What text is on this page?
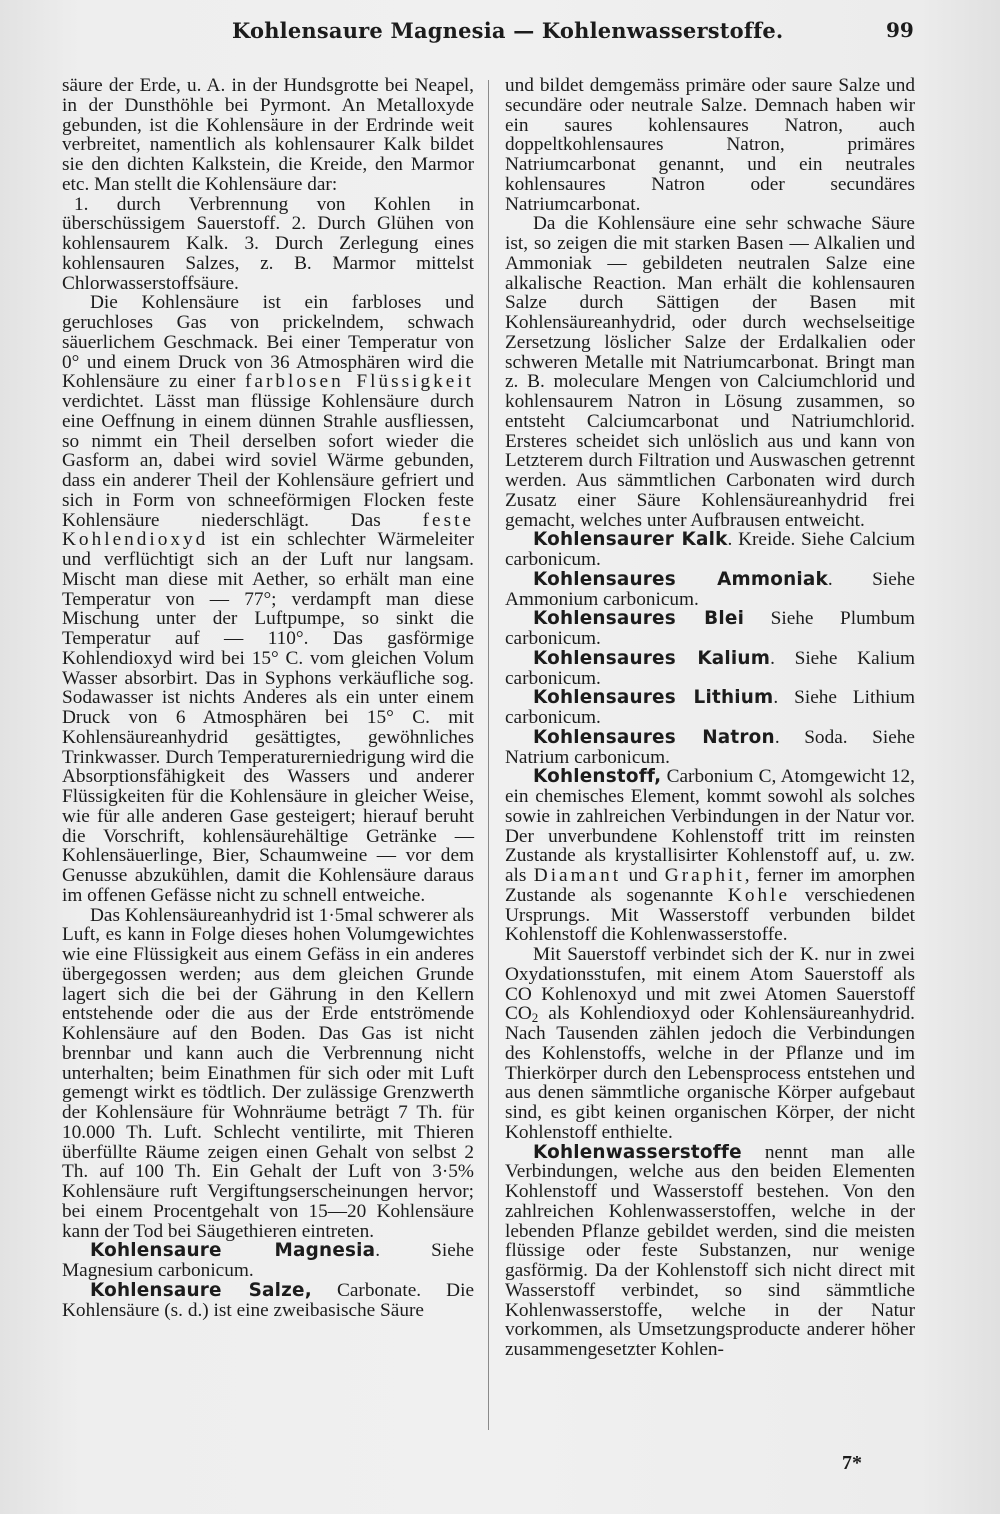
Kohlensaure Magnesia — Kohlenwasserstoffe.	99

säure der Erde, u. A. in der Hundsgrotte bei Neapel, in der Dunsthöhle bei Pyrmont. An Metalloxyde gebunden, ist die Kohlensäure in der Erdrinde weit verbreitet, namentlich als kohlensaurer Kalk bildet sie den dichten Kalkstein, die Kreide, den Marmor etc. Man stellt die Kohlensäure dar:

1. durch Verbrennung von Kohlen in überschüssigem Sauerstoff. 2. Durch Glühen von kohlensaurem Kalk. 3. Durch Zerlegung eines kohlensauren Salzes, z. B. Marmor mittelst Chlorwasserstoffsäure.

Die Kohlensäure ist ein farbloses und geruchloses Gas von prickelndem, schwach säuerlichem Geschmack. Bei einer Temperatur von 0° und einem Druck von 36 Atmosphären wird die Kohlensäure zu einer farblosen Flüssigkeit verdichtet. Lässt man flüssige Kohlensäure durch eine Oeffnung in einem dünnen Strahle ausfliessen, so nimmt ein Theil derselben sofort wieder die Gasform an, dabei wird soviel Wärme gebunden, dass ein anderer Theil der Kohlensäure gefriert und sich in Form von schneeförmigen Flocken feste Kohlensäure niederschlägt. Das feste Kohlendioxyd ist ein schlechter Wärmeleiter und verflüchtigt sich an der Luft nur langsam. Mischt man diese mit Aether, so erhält man eine Temperatur von — 77°; verdampft man diese Mischung unter der Luftpumpe, so sinkt die Temperatur auf — 110°. Das gasförmige Kohlendioxyd wird bei 15° C. vom gleichen Volum Wasser absorbirt. Das in Syphons verkäufliche sog. Sodawasser ist nichts Anderes als ein unter einem Druck von 6 Atmosphären bei 15° C. mit Kohlensäureanhydrid gesättigtes, gewöhnliches Trinkwasser. Durch Temperaturerniedrigung wird die Absorptionsfähigkeit des Wassers und anderer Flüssigkeiten für die Kohlensäure in gleicher Weise, wie für alle anderen Gase gesteigert; hierauf beruht die Vorschrift, kohlensäurehältige Getränke — Kohlensäuerlinge, Bier, Schaumweine — vor dem Genusse abzukühlen, damit die Kohlensäure daraus im offenen Gefässe nicht zu schnell entweiche.

Das Kohlensäureanhydrid ist 1·5mal schwerer als Luft, es kann in Folge dieses hohen Volumgewichtes wie eine Flüssigkeit aus einem Gefäss in ein anderes übergegossen werden; aus dem gleichen Grunde lagert sich die bei der Gährung in den Kellern entstehende oder die aus der Erde entströmende Kohlensäure auf den Boden. Das Gas ist nicht brennbar und kann auch die Verbrennung nicht unterhalten; beim Einathmen für sich oder mit Luft gemengt wirkt es tödtlich. Der zulässige Grenzwerth der Kohlensäure für Wohnräume beträgt 7 Th. für 10.000 Th. Luft. Schlecht ventilirte, mit Thieren überfüllte Räume zeigen einen Gehalt von selbst 2 Th. auf 100 Th. Ein Gehalt der Luft von 3·5% Kohlensäure ruft Vergiftungserscheinungen hervor; bei einem Procentgehalt von 15—20 Kohlensäure kann der Tod bei Säugethieren eintreten.

Kohlensaure Magnesia. Siehe Magnesium carbonicum.

Kohlensaure Salze, Carbonate. Die Kohlensäure (s. d.) ist eine zweibasische Säure

und bildet demgemäss primäre oder saure Salze und secundäre oder neutrale Salze. Demnach haben wir ein saures kohlensaures Natron, auch doppeltkohlensaures Natron, primäres Natriumcarbonat genannt, und ein neutrales kohlensaures Natron oder secundäres Natriumcarbonat.

Da die Kohlensäure eine sehr schwache Säure ist, so zeigen die mit starken Basen — Alkalien und Ammoniak — gebildeten neutralen Salze eine alkalische Reaction. Man erhält die kohlensauren Salze durch Sättigen der Basen mit Kohlensäureanhydrid, oder durch wechselseitige Zersetzung löslicher Salze der Erdalkalien oder schweren Metalle mit Natriumcarbonat. Bringt man z. B. moleculare Mengen von Calciumchlorid und kohlensaurem Natron in Lösung zusammen, so entsteht Calciumcarbonat und Natriumchlorid. Ersteres scheidet sich unlöslich aus und kann von Letzterem durch Filtration und Auswaschen getrennt werden. Aus sämmtlichen Carbonaten wird durch Zusatz einer Säure Kohlensäureanhydrid frei gemacht, welches unter Aufbrausen entweicht.

Kohlensaurer Kalk. Kreide. Siehe Calcium carbonicum.

Kohlensaures Ammoniak. Siehe Ammonium carbonicum.

Kohlensaures Blei Siehe Plumbum carbonicum.

Kohlensaures Kalium. Siehe Kalium carbonicum.

Kohlensaures Lithium. Siehe Lithium carbonicum.

Kohlensaures Natron. Soda. Siehe Natrium carbonicum.

Kohlenstoff, Carbonium C, Atomgewicht 12, ein chemisches Element, kommt sowohl als solches sowie in zahlreichen Verbindungen in der Natur vor. Der unverbundene Kohlenstoff tritt im reinsten Zustande als krystallisirter Kohlenstoff auf, u. zw. als Diamant und Graphit, ferner im amorphen Zustande als sogenannte Kohle verschiedenen Ursprungs. Mit Wasserstoff verbunden bildet Kohlenstoff die Kohlenwasserstoffe.

Mit Sauerstoff verbindet sich der K. nur in zwei Oxydationsstufen, mit einem Atom Sauerstoff als CO Kohlenoxyd und mit zwei Atomen Sauerstoff $CO_2$ als Kohlendioxyd oder Kohlensäureanhydrid. Nach Tausenden zählen jedoch die Verbindungen des Kohlenstoffs, welche in der Pflanze und im Thierkörper durch den Lebensprocess entstehen und aus denen sämmtliche organische Körper aufgebaut sind, es gibt keinen organischen Körper, der nicht Kohlenstoff enthielte.

Kohlenwasserstoffe nennt man alle Verbindungen, welche aus den beiden Elementen Kohlenstoff und Wasserstoff bestehen. Von den zahlreichen Kohlenwasserstoffen, welche in der lebenden Pflanze gebildet werden, sind die meisten flüssige oder feste Substanzen, nur wenige gasförmig. Da der Kohlenstoff sich nicht direct mit Wasserstoff verbindet, so sind sämmtliche Kohlenwasserstoffe, welche in der Natur vorkommen, als Umsetzungsproducte anderer höher zusammengesetzter Kohlen-

7*
